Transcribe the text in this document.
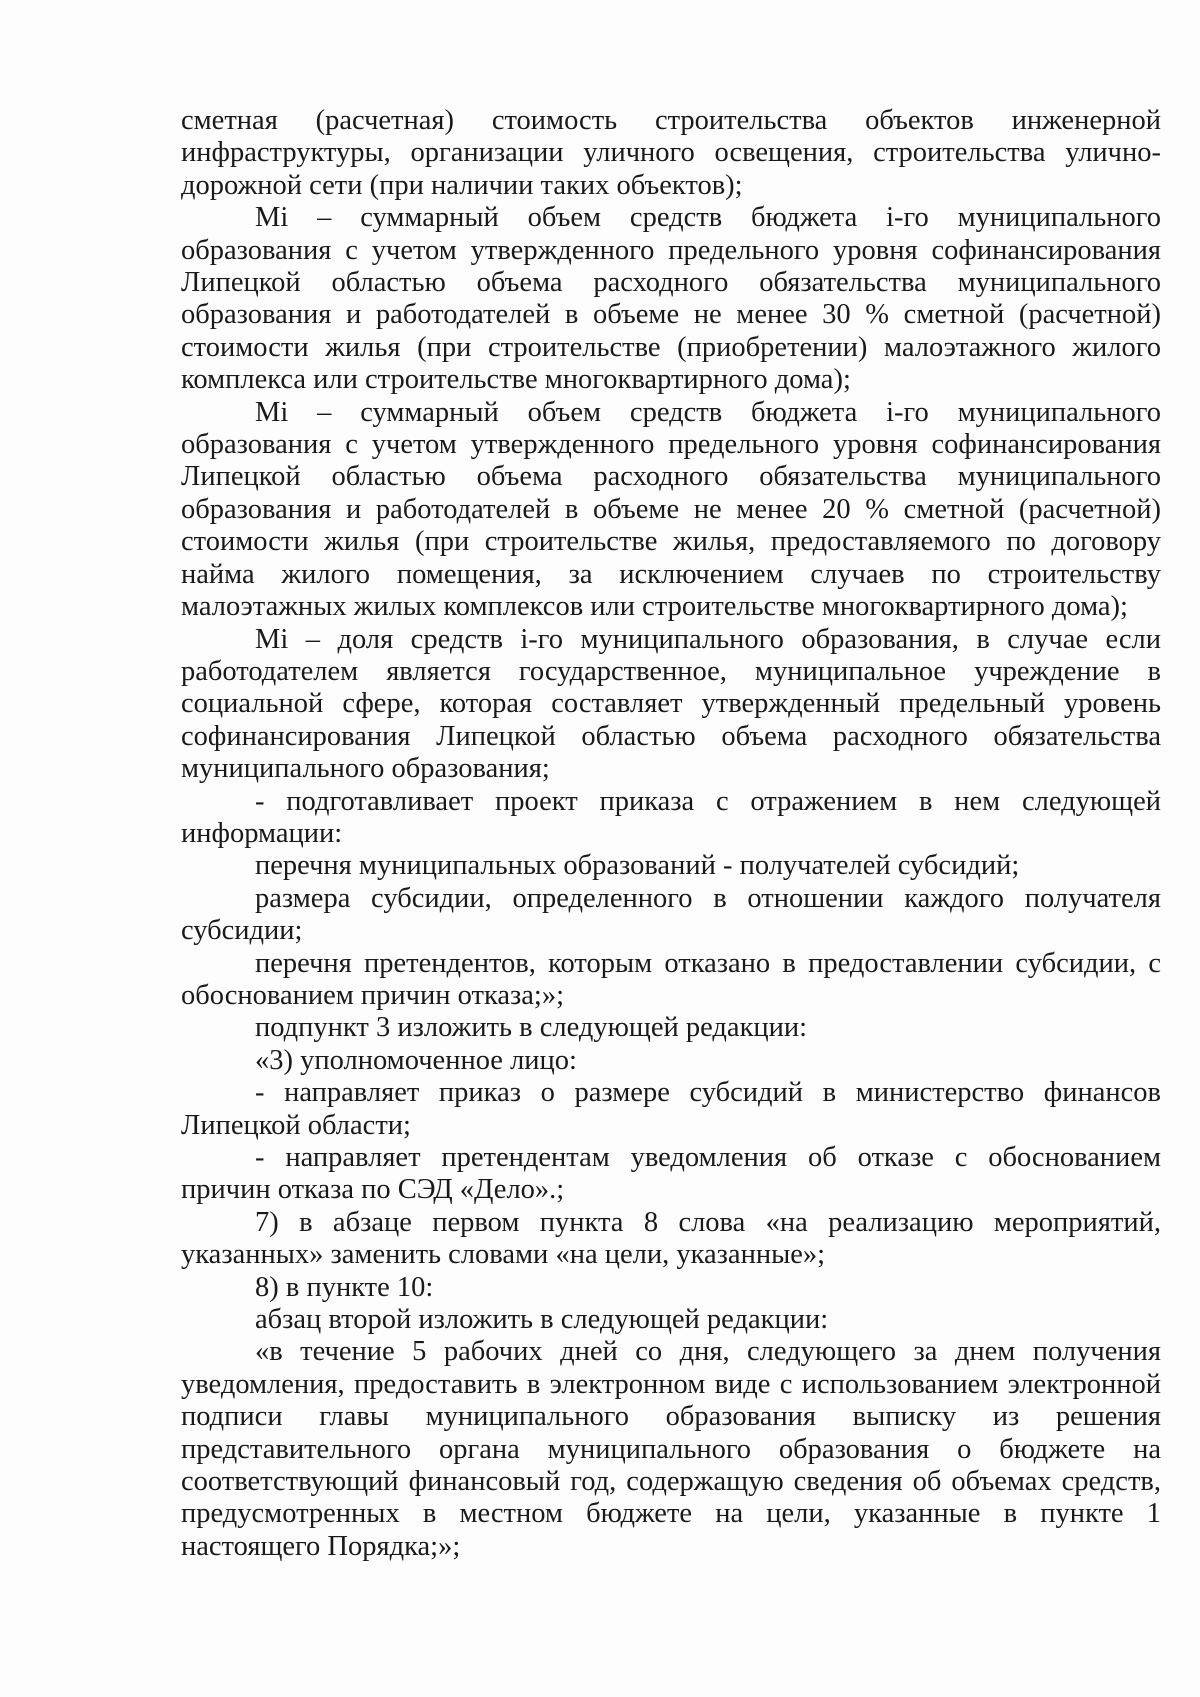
сметная (расчетная) стоимость строительства объектов инженерной инфраструктуры, организации уличного освещения, строительства улично-дорожной сети (при наличии таких объектов);

Mi – суммарный объем средств бюджета i-го муниципального образования с учетом утвержденного предельного уровня софинансирования Липецкой областью объема расходного обязательства муниципального образования и работодателей в объеме не менее 30 % сметной (расчетной) стоимости жилья (при строительстве (приобретении) малоэтажного жилого комплекса или строительстве многоквартирного дома);

Mi – суммарный объем средств бюджета i-го муниципального образования с учетом утвержденного предельного уровня софинансирования Липецкой областью объема расходного обязательства муниципального образования и работодателей в объеме не менее 20 % сметной (расчетной) стоимости жилья (при строительстве жилья, предоставляемого по договору найма жилого помещения, за исключением случаев по строительству малоэтажных жилых комплексов или строительстве многоквартирного дома);

Mi – доля средств i-го муниципального образования, в случае если работодателем является государственное, муниципальное учреждение в социальной сфере, которая составляет утвержденный предельный уровень софинансирования Липецкой областью объема расходного обязательства муниципального образования;

- подготавливает проект приказа с отражением в нем следующей информации:

перечня муниципальных образований - получателей субсидий;

размера субсидии, определенного в отношении каждого получателя субсидии;

перечня претендентов, которым отказано в предоставлении субсидии, с обоснованием причин отказа;»;

подпункт 3 изложить в следующей редакции:

«3) уполномоченное лицо:

- направляет приказ о размере субсидий в министерство финансов Липецкой области;

- направляет претендентам уведомления об отказе с обоснованием причин отказа по СЭД «Дело».;

7) в абзаце первом пункта 8 слова «на реализацию мероприятий, указанных» заменить словами «на цели, указанные»;

8) в пункте 10:

абзац второй изложить в следующей редакции:

«в течение 5 рабочих дней со дня, следующего за днем получения уведомления, предоставить в электронном виде с использованием электронной подписи главы муниципального образования выписку из решения представительного органа муниципального образования о бюджете на соответствующий финансовый год, содержащую сведения об объемах средств, предусмотренных в местном бюджете на цели, указанные в пункте 1 настоящего Порядка;»;
